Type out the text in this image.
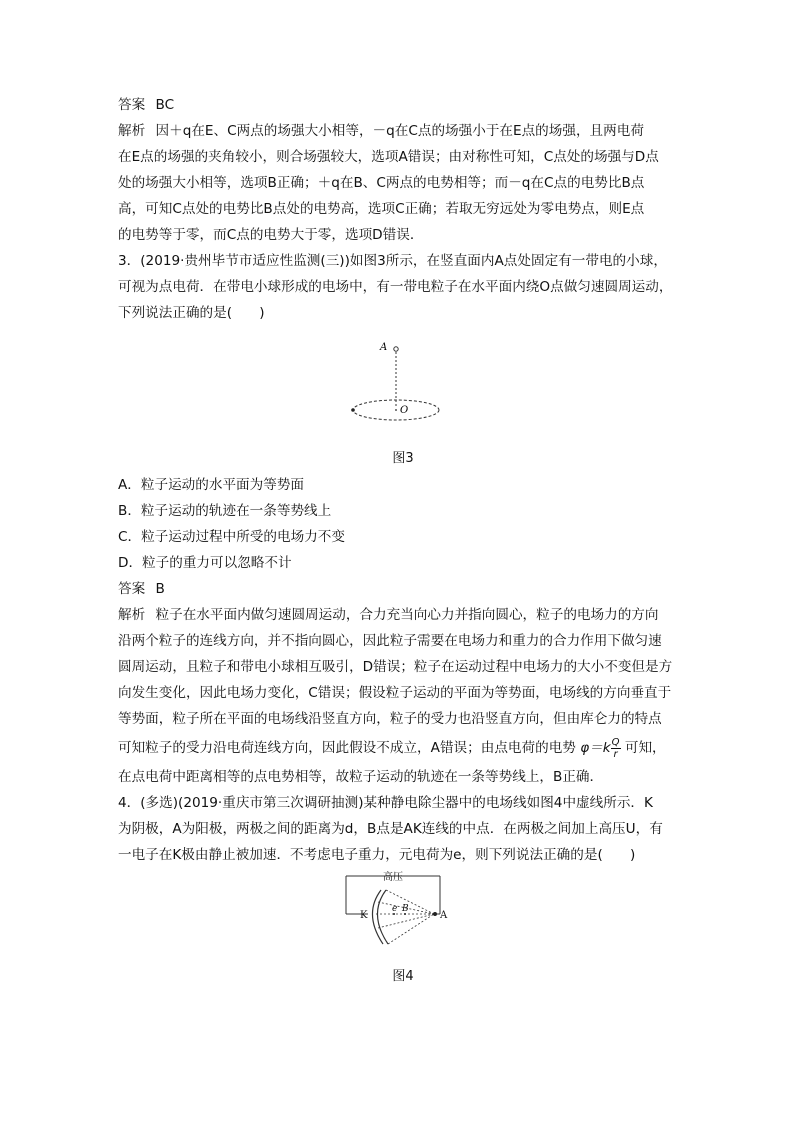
答案 BC
解析 因＋q在E、C两点的场强大小相等，－q在C点的场强小于在E点的场强，且两电荷
在E点的场强的夹角较小，则合场强较大，选项A错误；由对称性可知，C点处的场强与D点
处的场强大小相等，选项B正确；＋q在B、C两点的电势相等；而－q在C点的电势比B点
高，可知C点处的电势比B点处的电势高，选项C正确；若取无穷远处为零电势点，则E点
的电势等于零，而C点的电势大于零，选项D错误．
3．(2019·贵州毕节市适应性监测(三))如图3所示，在竖直面内A点处固定有一带电的小球，
可视为点电荷．在带电小球形成的电场中，有一带电粒子在水平面内绕O点做匀速圆周运动，
下列说法正确的是(　　)
A
O
图3
A．粒子运动的水平面为等势面
B．粒子运动的轨迹在一条等势线上
C．粒子运动过程中所受的电场力不变
D．粒子的重力可以忽略不计
答案 B
解析 粒子在水平面内做匀速圆周运动，合力充当向心力并指向圆心，粒子的电场力的方向
沿两个粒子的连线方向，并不指向圆心，因此粒子需要在电场力和重力的合力作用下做匀速
圆周运动，且粒子和带电小球相互吸引，D错误；粒子在运动过程中电场力的大小不变但是方
向发生变化，因此电场力变化，C错误；假设粒子运动的平面为等势面，电场线的方向垂直于
等势面，粒子所在平面的电场线沿竖直方向，粒子的受力也沿竖直方向，但由库仑力的特点
可知粒子的受力沿电荷连线方向，因此假设不成立，A错误；由点电荷的电势 $\varphi=k \frac{Q}{r}$ 可知，
在点电荷中距离相等的点电势相等，故粒子运动的轨迹在一条等势线上，B正确．
4．(多选)(2019·重庆市第三次调研抽测)某种静电除尘器中的电场线如图4中虚线所示．K
为阴极，A为阳极，两极之间的距离为d，B点是AK连线的中点．在两极之间加上高压U，有
一电子在K极由静止被加速．不考虑电子重力，元电荷为e，则下列说法正确的是(　　)
高压
K
e B
A
图4
